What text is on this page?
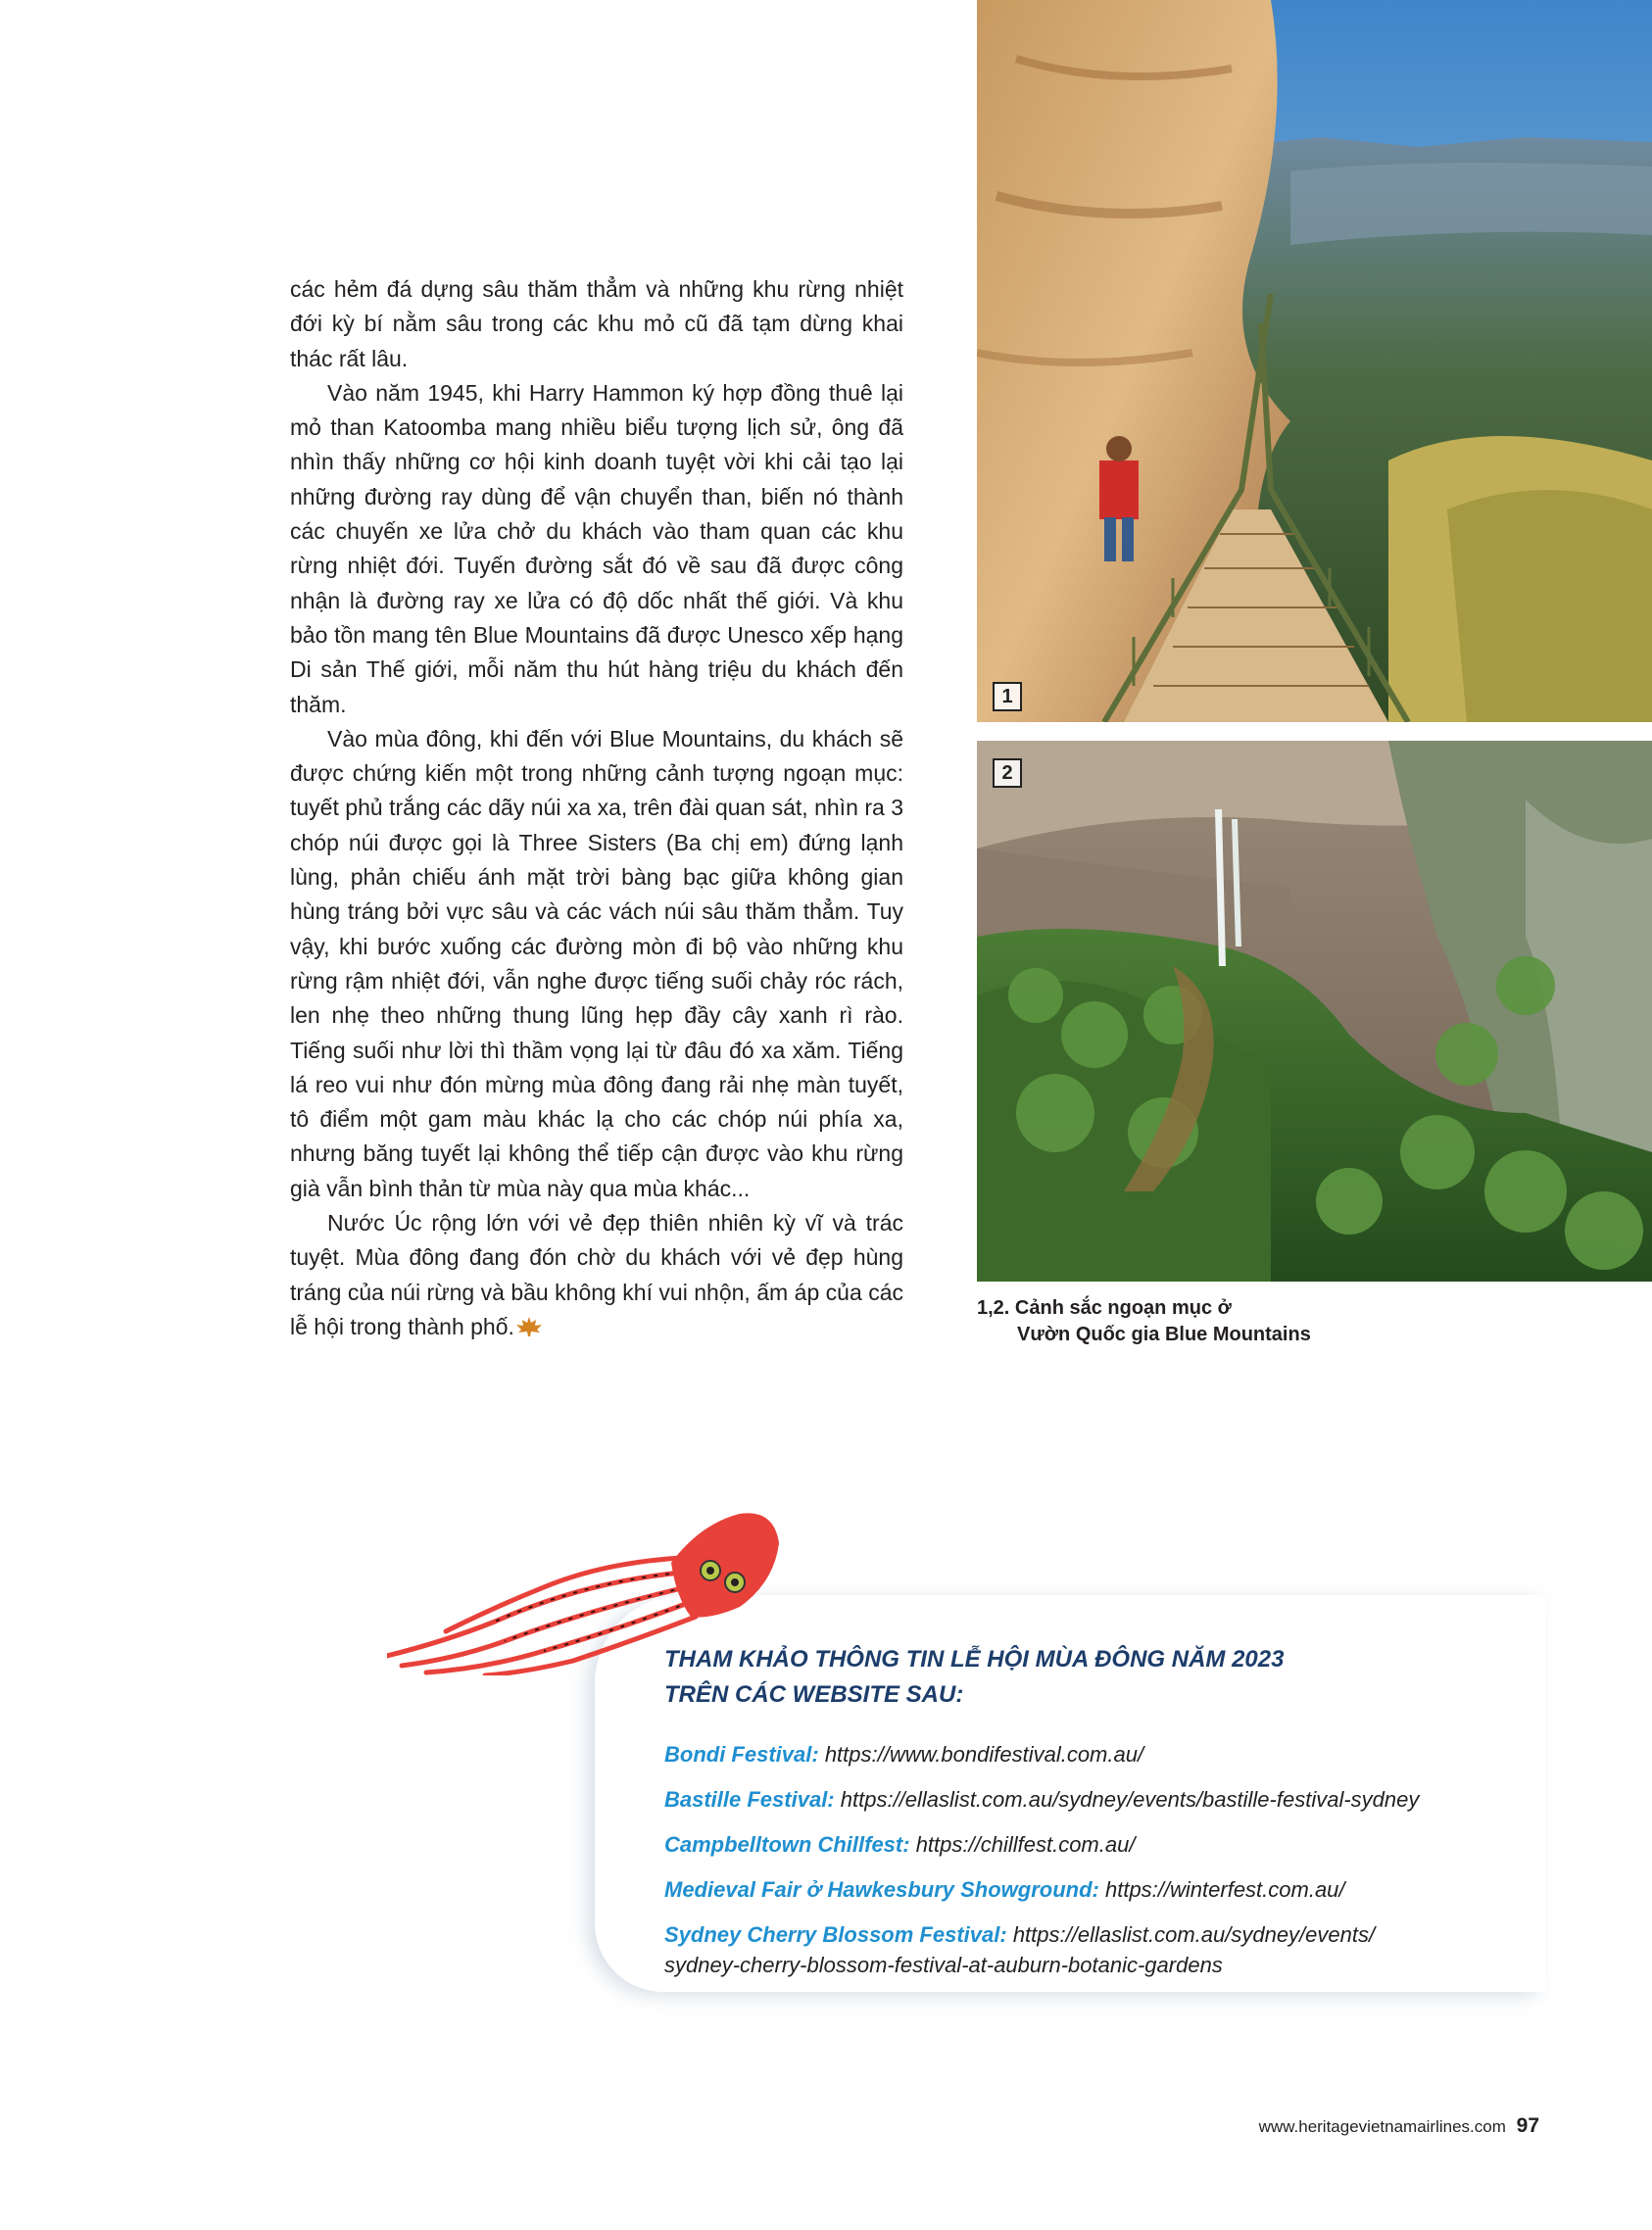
các hẻm đá dựng sâu thăm thẳm và những khu rừng nhiệt đới kỳ bí nằm sâu trong các khu mỏ cũ đã tạm dừng khai thác rất lâu.

Vào năm 1945, khi Harry Hammon ký hợp đồng thuê lại mỏ than Katoomba mang nhiều biểu tượng lịch sử, ông đã nhìn thấy những cơ hội kinh doanh tuyệt vời khi cải tạo lại những đường ray dùng để vận chuyển than, biến nó thành các chuyến xe lửa chở du khách vào tham quan các khu rừng nhiệt đới. Tuyến đường sắt đó về sau đã được công nhận là đường ray xe lửa có độ dốc nhất thế giới. Và khu bảo tồn mang tên Blue Mountains đã được Unesco xếp hạng Di sản Thế giới, mỗi năm thu hút hàng triệu du khách đến thăm.

Vào mùa đông, khi đến với Blue Mountains, du khách sẽ được chứng kiến một trong những cảnh tượng ngoạn mục: tuyết phủ trắng các dãy núi xa xa, trên đài quan sát, nhìn ra 3 chóp núi được gọi là Three Sisters (Ba chị em) đứng lạnh lùng, phản chiếu ánh mặt trời bàng bạc giữa không gian hùng tráng bởi vực sâu và các vách núi sâu thăm thẳm. Tuy vậy, khi bước xuống các đường mòn đi bộ vào những khu rừng rậm nhiệt đới, vẫn nghe được tiếng suối chảy róc rách, len nhẹ theo những thung lũng hẹp đầy cây xanh rì rào. Tiếng suối như lời thì thầm vọng lại từ đâu đó xa xăm. Tiếng lá reo vui như đón mừng mùa đông đang rải nhẹ màn tuyết, tô điểm một gam màu khác lạ cho các chóp núi phía xa, nhưng băng tuyết lại không thể tiếp cận được vào khu rừng già vẫn bình thản từ mùa này qua mùa khác...

Nước Úc rộng lớn với vẻ đẹp thiên nhiên kỳ vĩ và trác tuyệt. Mùa đông đang đón chờ du khách với vẻ đẹp hùng tráng của núi rừng và bầu không khí vui nhộn, ấm áp của các lễ hội trong thành phố.

1
2
1,2. Cảnh sắc ngoạn mục ở
Vườn Quốc gia Blue Mountains
THAM KHẢO THÔNG TIN LỄ HỘI MÙA ĐÔNG NĂM 2023
TRÊN CÁC WEBSITE SAU:
Bondi Festival: https://www.bondifestival.com.au/
Bastille Festival: https://ellaslist.com.au/sydney/events/bastille-festival-sydney
Campbelltown Chillfest: https://chillfest.com.au/
Medieval Fair ở Hawkesbury Showground: https://winterfest.com.au/
Sydney Cherry Blossom Festival: https://ellaslist.com.au/sydney/events/
sydney-cherry-blossom-festival-at-auburn-botanic-gardens
www.heritagevietnamairlines.com 97
